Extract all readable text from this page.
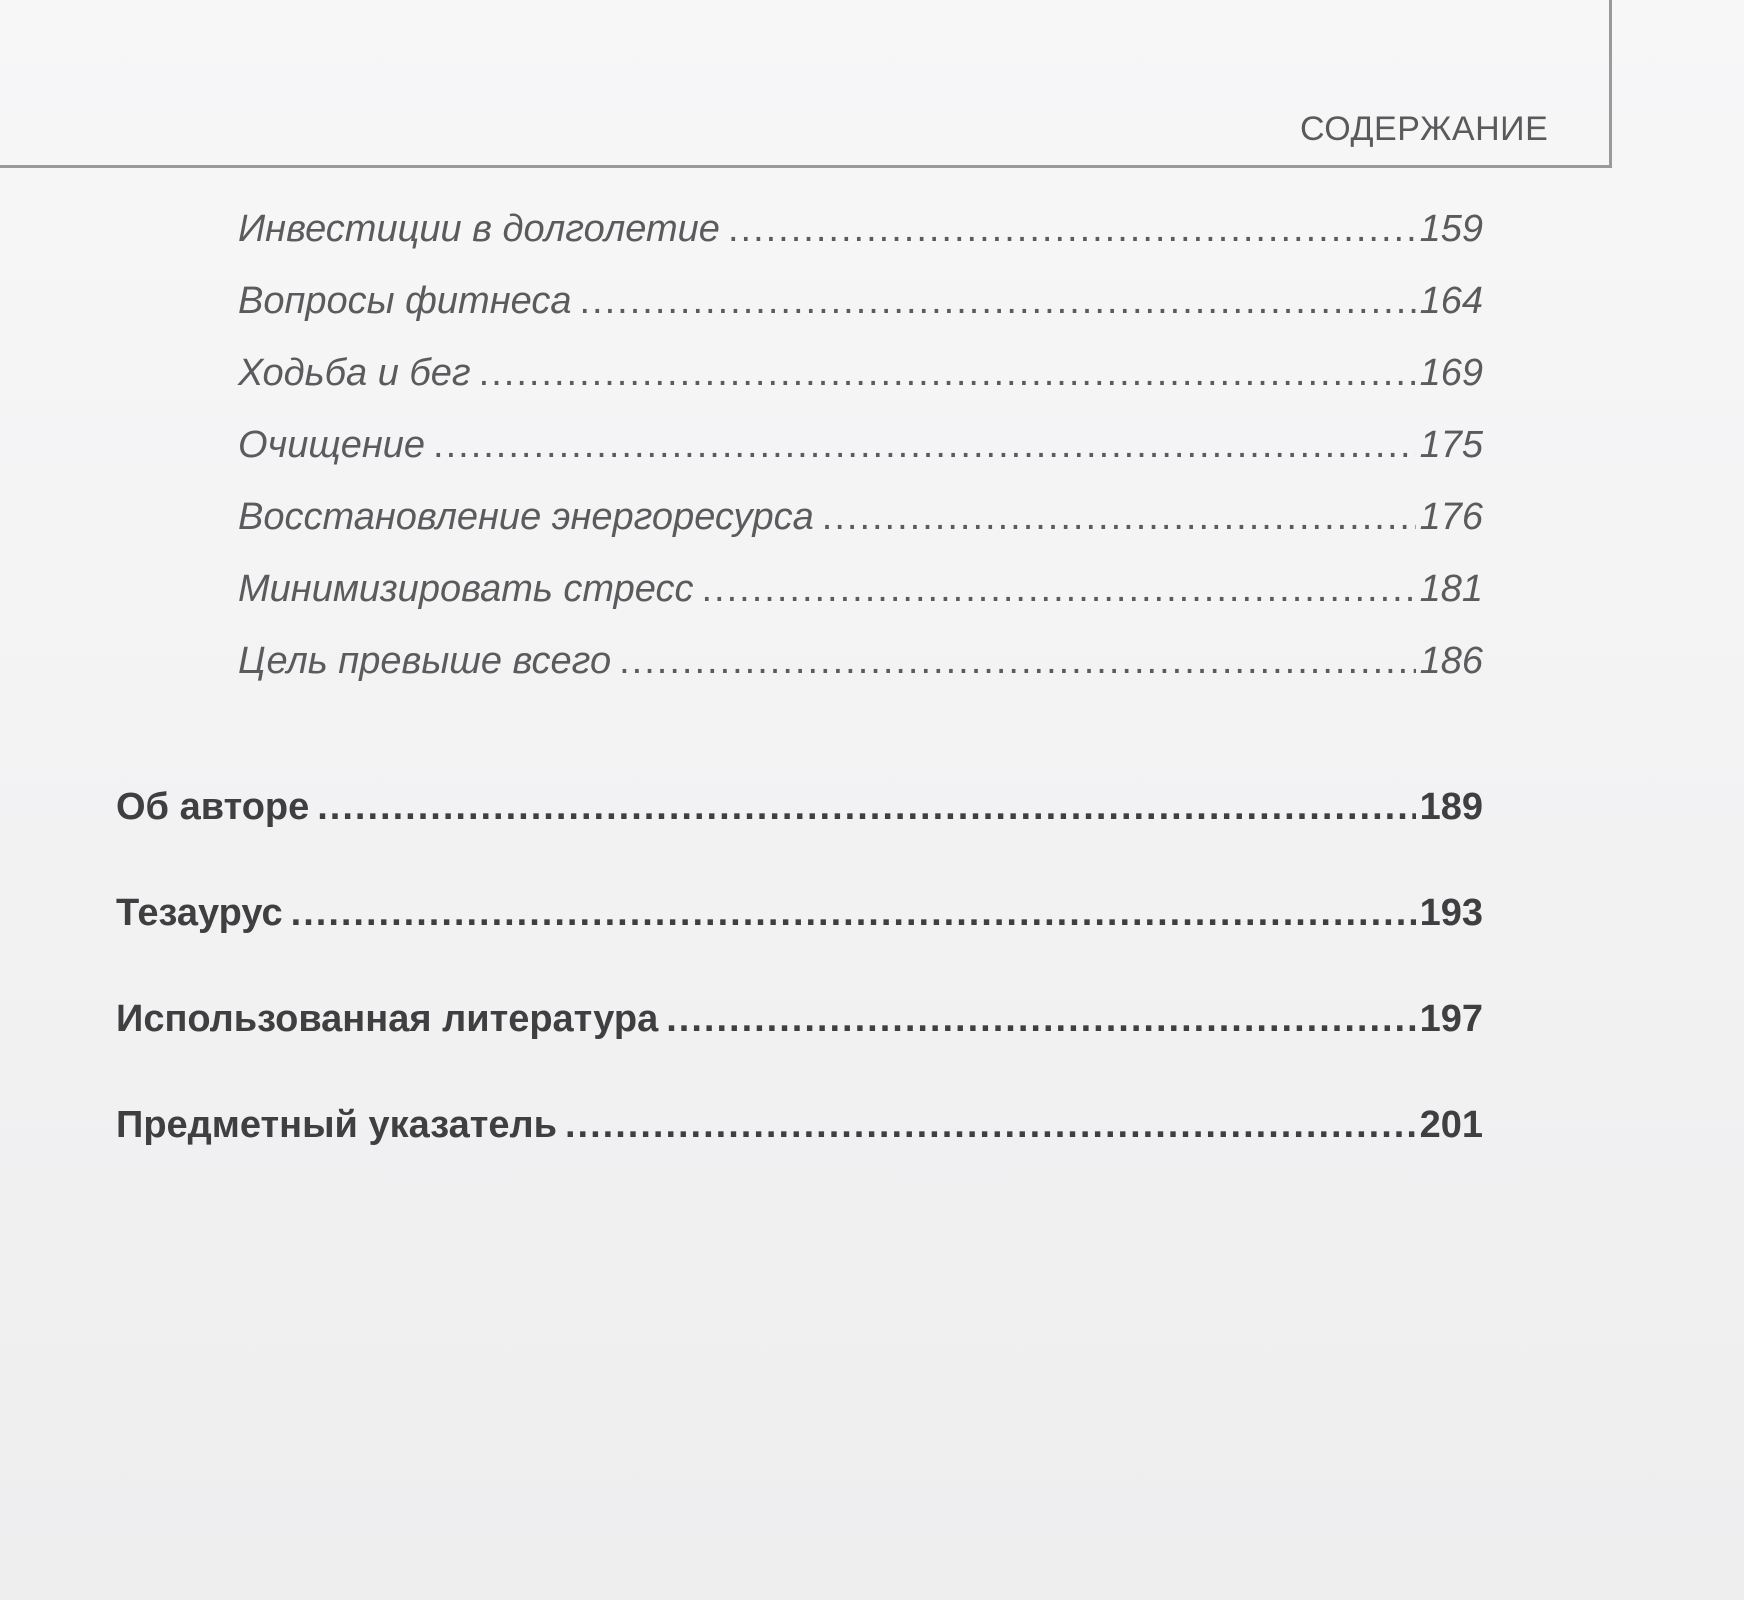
СОДЕРЖАНИЕ
Инвестиции в долголетие .....	159
Вопросы фитнеса .....	164
Ходьба и бег .....	169
Очищение .....	175
Восстановление энергоресурса .....	176
Минимизировать стресс .....	181
Цель превыше всего .....	186
Об авторе .....	189
Тезаурус .....	193
Использованная литература .....	197
Предметный указатель .....	201
